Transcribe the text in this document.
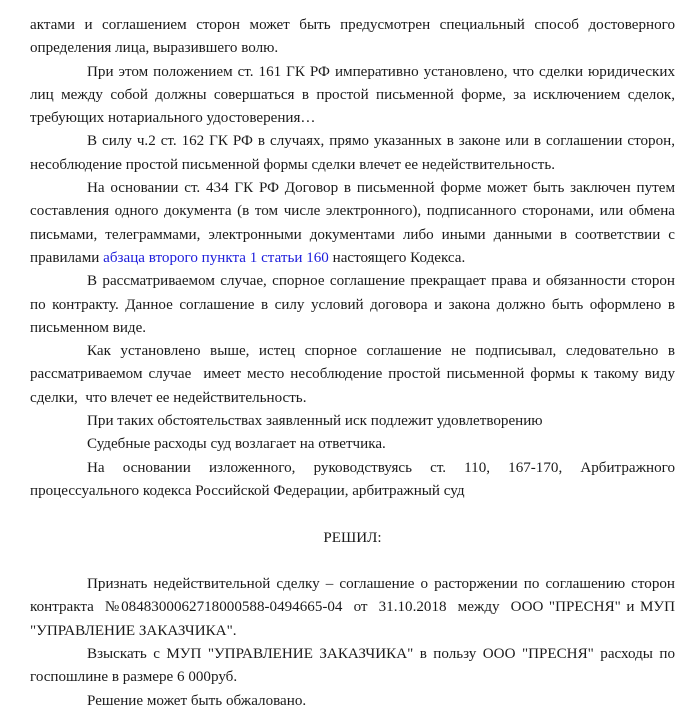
актами и соглашением сторон может быть предусмотрен специальный способ достоверного определения лица, выразившего волю.

При этом положением ст. 161 ГК РФ императивно установлено, что сделки юридических лиц между собой должны совершаться в простой письменной форме, за исключением сделок, требующих нотариального удостоверения…

В силу ч.2 ст. 162 ГК РФ в случаях, прямо указанных в законе или в соглашении сторон, несоблюдение простой письменной формы сделки влечет ее недействительность.

На основании ст. 434 ГК РФ Договор в письменной форме может быть заключен путем составления одного документа (в том числе электронного), подписанного сторонами, или обмена письмами, телеграммами, электронными документами либо иными данными в соответствии с правилами абзаца второго пункта 1 статьи 160 настоящего Кодекса.

В рассматриваемом случае, спорное соглашение прекращает права и обязанности сторон по контракту. Данное соглашение в силу условий договора и закона должно быть оформлено в письменном виде.

Как установлено выше, истец спорное соглашение не подписывал, следовательно в рассматриваемом случае  имеет место несоблюдение простой письменной формы к такому виду сделки,  что влечет ее недействительность.

При таких обстоятельствах заявленный иск подлежит удовлетворению

Судебные расходы суд возлагает на ответчика.

На основании изложенного, руководствуясь ст. 110, 167-170, Арбитражного процессуального кодекса Российской Федерации, арбитражный суд

РЕШИЛ:

Признать недействительной сделку – соглашение о расторжении по соглашению сторон    контракта  №0848300062718000588-0494665-04  от  31.10.2018  между  ООО "ПРЕСНЯ" и МУП "УПРАВЛЕНИЕ ЗАКАЗЧИКА".

Взыскать с МУП "УПРАВЛЕНИЕ ЗАКАЗЧИКА" в пользу ООО "ПРЕСНЯ" расходы по госпошлине в размере 6 000руб.

Решение может быть обжаловано.
